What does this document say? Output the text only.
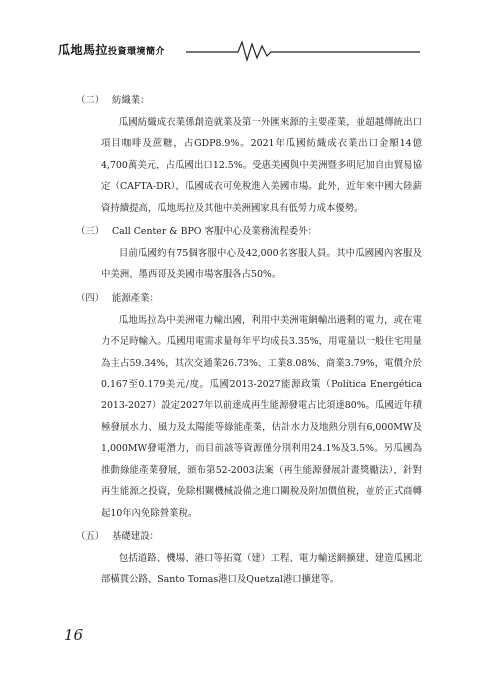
瓜地馬拉投資環境簡介
（二） 紡織業：

瓜國紡織成衣業係創造就業及第一外匯來源的主要產業，並超越傳統出口項目咖啡及蔗糖，占GDP8.9%。2021年瓜國紡織成衣業出口金額14億4,700萬美元，占瓜國出口12.5%。受惠美國與中美洲暨多明尼加自由貿易協定（CAFTA-DR），瓜國成衣可免稅進入美國市場。此外，近年來中國大陸薪資持續提高，瓜地馬拉及其他中美洲國家具有低勞力成本優勢。

（三） Call Center & BPO 客服中心及業務流程委外：

目前瓜國約有75個客服中心及42,000名客服人員。其中瓜國國內客服及中美洲、墨西哥及美國市場客服各占50%。

（四） 能源產業：

瓜地馬拉為中美洲電力輸出國，利用中美洲電網輸出過剩的電力，或在電力不足時輸入。瓜國用電需求量每年平均成長3.35%，用電量以一般住宅用量為主占59.34%，其次交通業26.73%、工業8.08%、商業3.79%，電價介於0.167至0.179美元/度。瓜國2013-2027能源政策（Política Energética 2013-2027）設定2027年以前達成再生能源發電占比須達80%。瓜國近年積極發展水力、風力及太陽能等綠能產業，估計水力及地熱分別有6,000MW及1,000MW發電潛力，而目前該等資源僅分別利用24.1%及3.5%。另瓜國為推動綠能產業發展，頒布第52-2003法案（再生能源發展計畫獎勵法），針對再生能源之投資，免除相關機械設備之進口關稅及附加價值稅，並於正式商轉起10年內免除營業稅。

（五） 基礎建設：

包括道路、機場、港口等拓寬（建）工程、電力輸送網擴建、建造瓜國北部橫貫公路、Santo Tomas港口及Quetzal港口擴建等。

16
